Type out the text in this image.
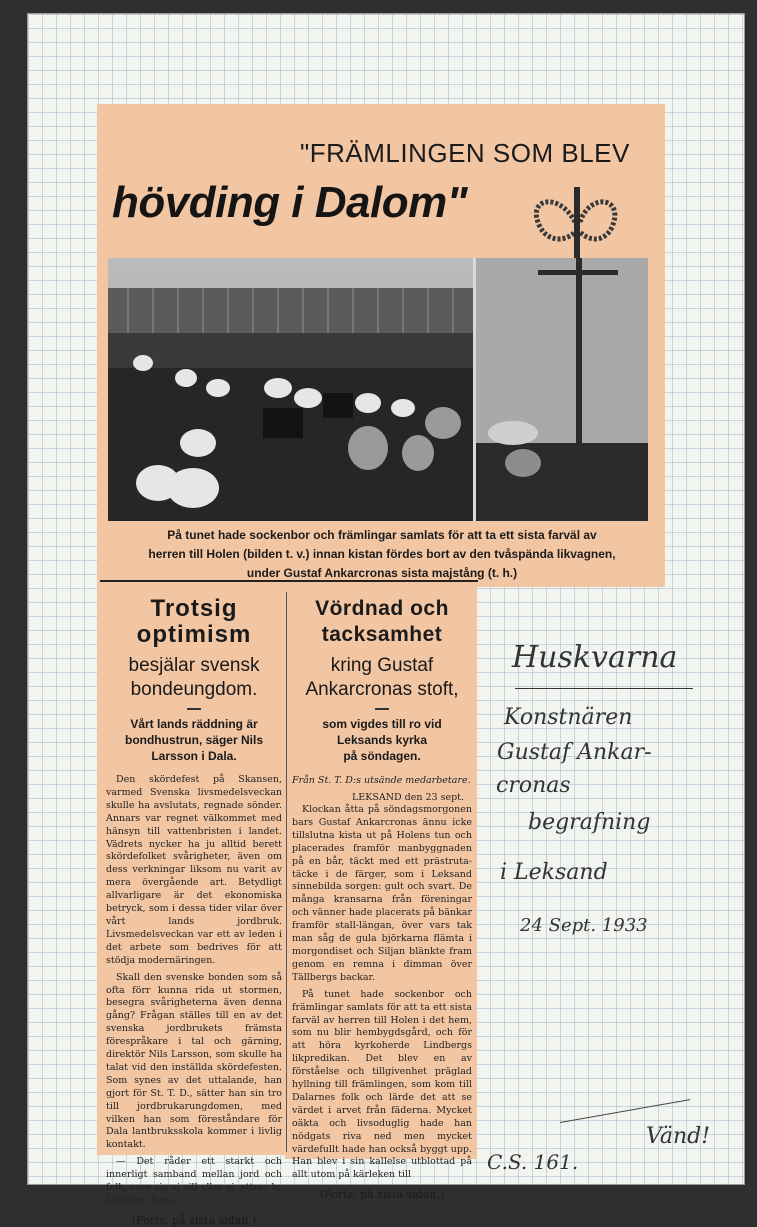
"FRÄMLINGEN SOM BLEV
hövding i Dalom"
På tunet hade sockenbor och främlingar samlats för att ta ett sista farväl av
herren till Holen (bilden t. v.) innan kistan fördes bort av den tvåspända likvagnen,
under Gustaf Ankarcronas sista majstång (t. h.)
Trotsig
optimism
besjälar svensk
bondeungdom.
Vårt lands räddning är
bondhustrun, säger Nils
Larsson i Dala.

Den skördefest på Skansen, varmed Svenska livsmedelsveckan skulle ha avslutats, regnade sönder. Annars var regnet välkommet med hänsyn till vattenbristen i landet. Vädrets nycker ha ju alltid berett skördefolket svårigheter, även om dess verkningar liksom nu varit av mera övergående art. Betydligt allvarligare är det ekonomiska betryck, som i dessa tider vilar över vårt lands jordbruk. Livsmedelsveckan var ett av leden i det arbete som bedrives för att stödja modernäringen.

Skall den svenske bonden som så ofta förr kunna rida ut stormen, besegra svårigheterna även denna gång? Frågan ställes till en av det svenska jordbrukets främsta förespråkare i tal och gärning, direktör Nils Larsson, som skulle ha talat vid den inställda skördefesten. Som synes av det uttalande, han gjort för St. T. D., sätter han sin tro till jordbrukarungdomen, med vilken han som föreståndare för Dala lantbruksskola kommer i livlig kontakt.

— Det råder ett starkt och innerligt samband mellan jord och folk, vare sig vi vill eller ej, yttrar hr Larsson. Sam-

(Forts. på sista sidan.)
Vördnad och
tacksamhet
kring Gustaf
Ankarcronas stoft,
som vigdes till ro vid
Leksands kyrka
på söndagen.
Från St. T. D:s utsände medarbetare.
LEKSAND den 23 sept.

Klockan åtta på söndagsmorgonen bars Gustaf Ankarcronas ännu icke tillslutna kista ut på Holens tun och placerades framför manbyggnaden på en bår, täckt med ett prästruta-täcke i de färger, som i Leksand sinnebilda sorgen: gult och svart. De många kransarna från föreningar och vänner hade placerats på bänkar framför stall-längan, över vars tak man såg de gula björkarna flämta i morgondiset och Siljan blänkte fram genom en remna i dimman över Tällbergs backar.

På tunet hade sockenbor och främlingar samlats för att ta ett sista farväl av herren till Holen i det hem, som nu blir hembygdsgård, och för att höra kyrkoherde Lindbergs likpredikan. Det blev en av förståelse och tillgivenhet präglad hyllning till främlingen, som kom till Dalarnes folk och lärde det att se värdet i arvet från fäderna. Mycket oäkta och livsoduglig hade han nödgats riva ned men mycket värdefullt hade han också byggt upp. Han blev i sin kallelse utblottad på allt utom på kärleken till

(Forts. på sista sidan.)
Huskvarna
Konstnären
Gustaf Ankar-
cronas
begrafning
i Leksand
24 Sept. 1933
Vänd!
C.S. 161.
